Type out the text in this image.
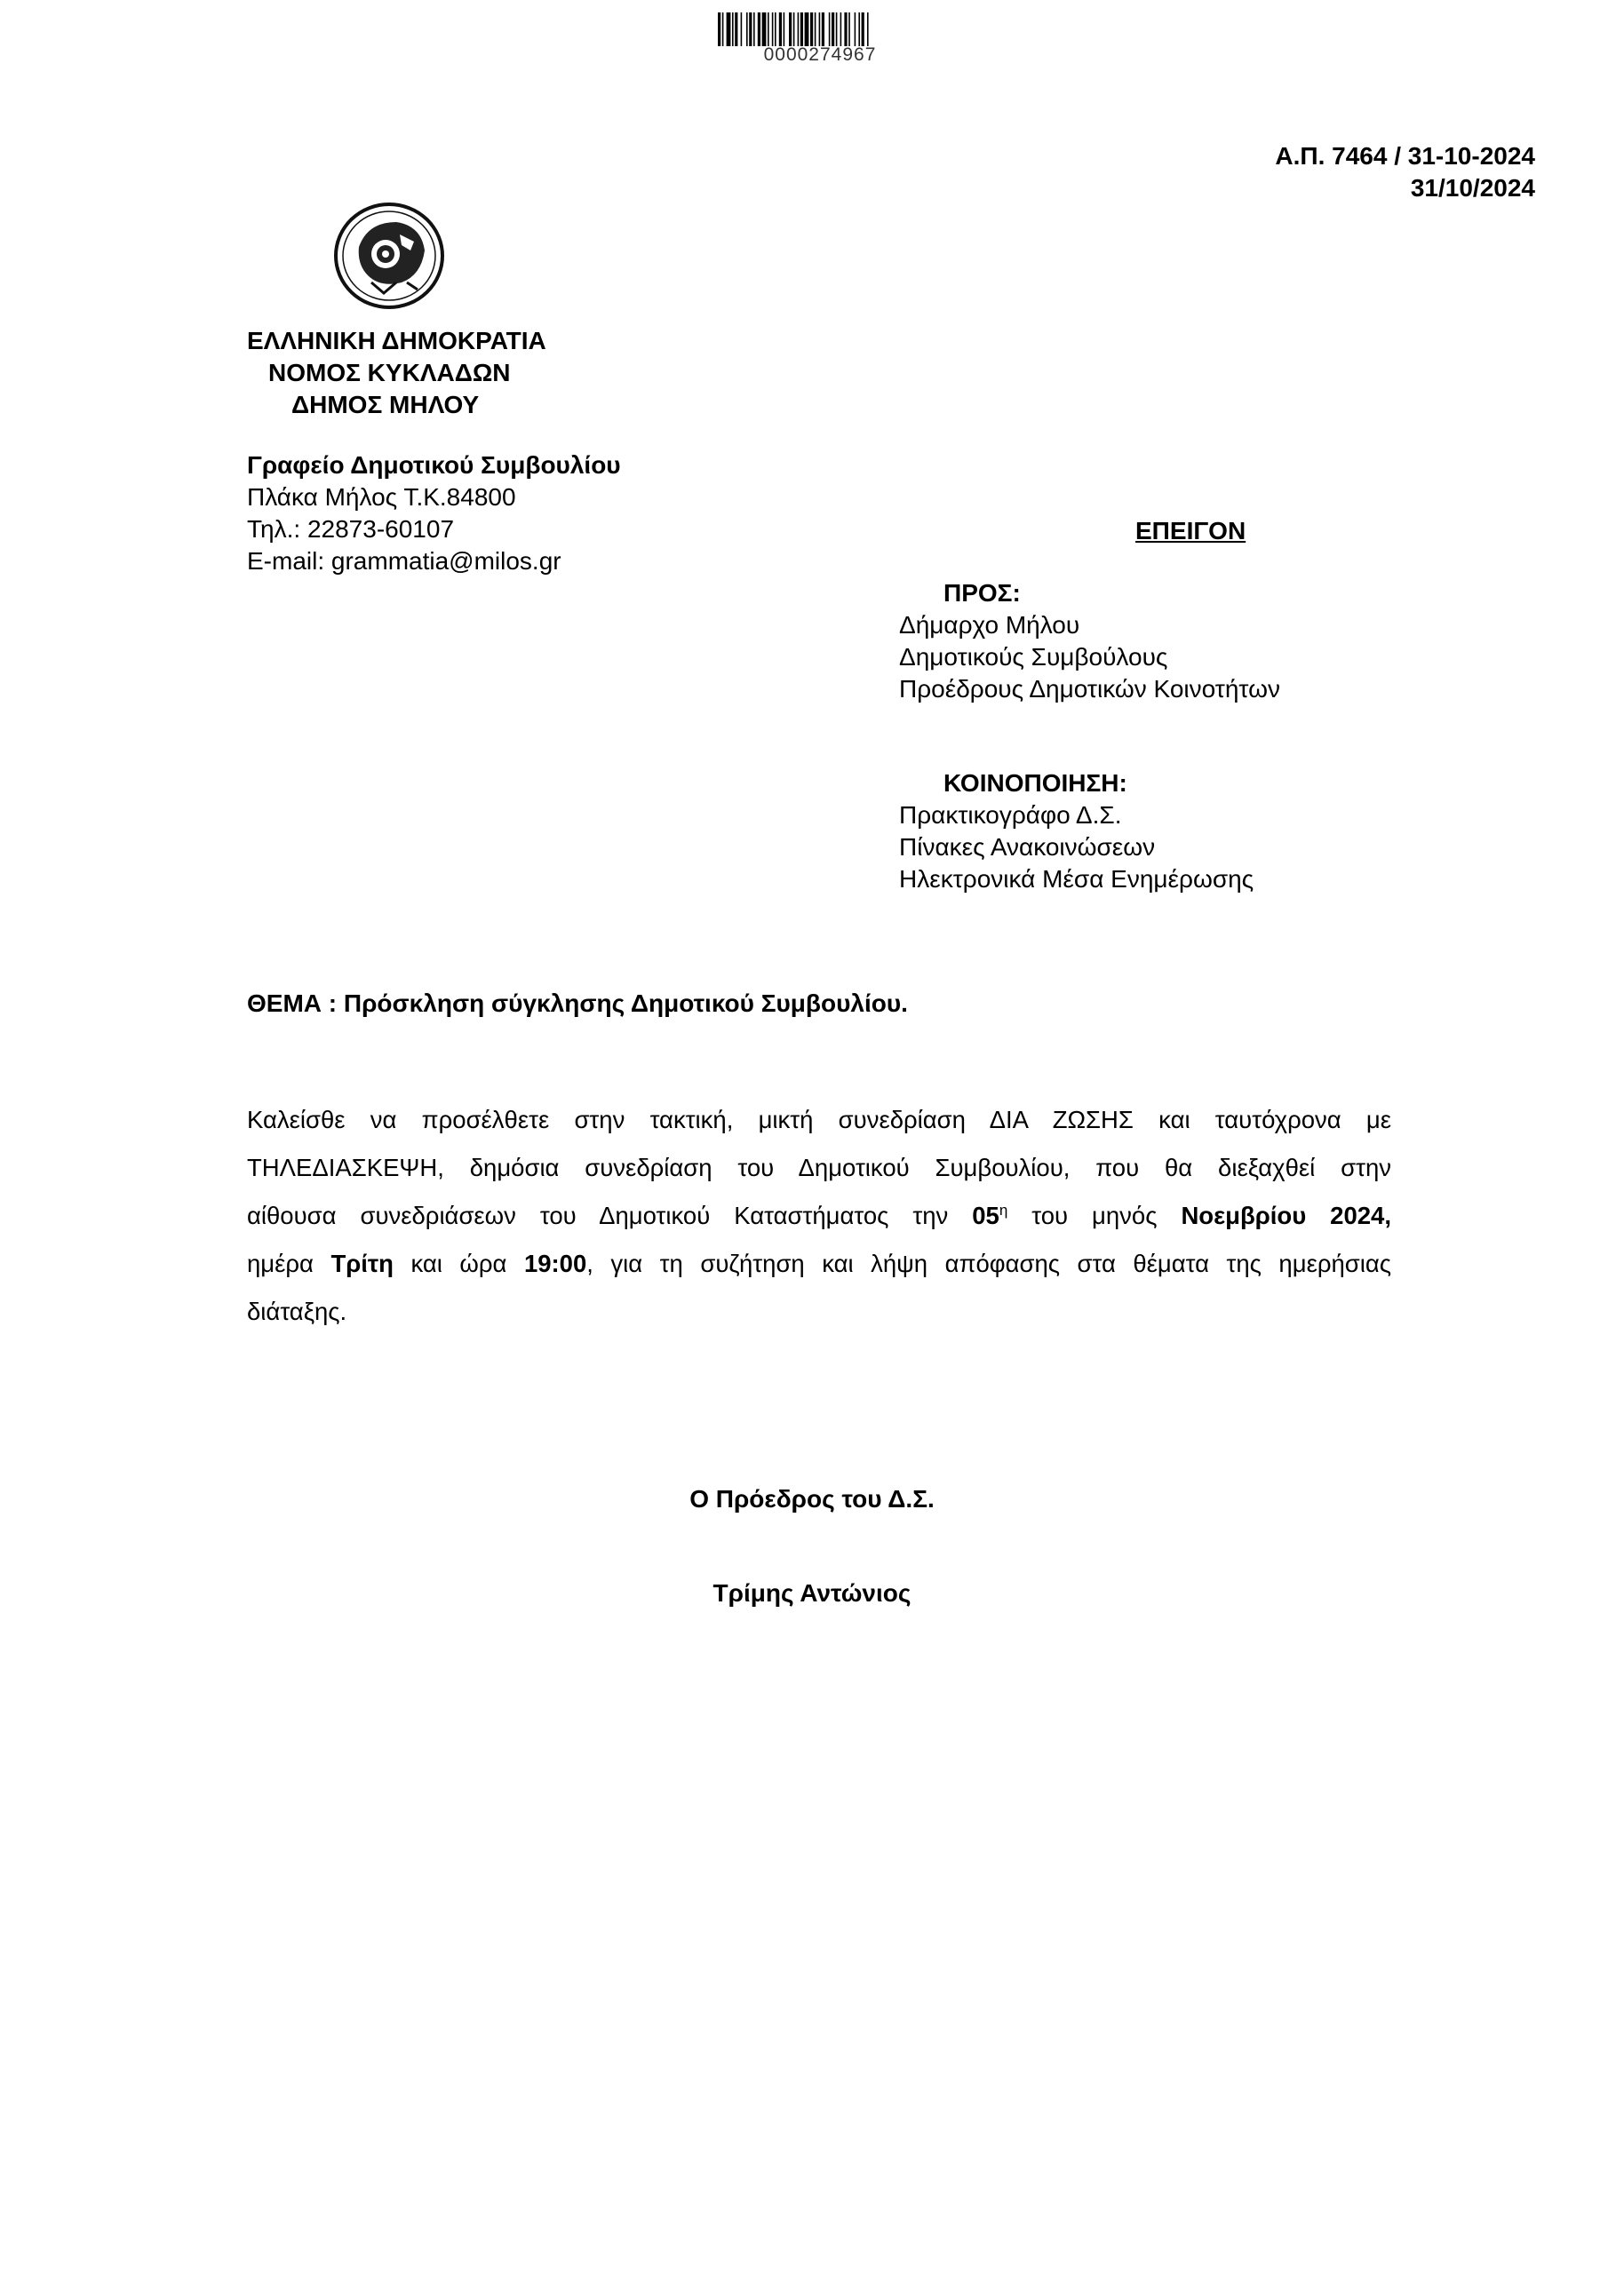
0000274967
Α.Π. 7464 / 31-10-2024
31/10/2024
ΕΛΛΗΝΙΚΗ ΔΗΜΟΚΡΑΤΙΑ
ΝΟΜΟΣ ΚΥΚΛΑΔΩΝ
ΔΗΜΟΣ ΜΗΛΟΥ
Γραφείο Δημοτικού Συμβουλίου
Πλάκα Μήλος Τ.Κ.84800
Τηλ.: 22873-60107
E-mail: grammatia@milos.gr
ΕΠΕΙΓΟΝ
ΠΡΟΣ:
Δήμαρχο Μήλου
Δημοτικούς Συμβούλους
Προέδρους Δημοτικών Κοινοτήτων
ΚΟΙΝΟΠΟΙΗΣΗ:
Πρακτικογράφο Δ.Σ.
Πίνακες Ανακοινώσεων
Ηλεκτρονικά Μέσα Ενημέρωσης
ΘΕΜΑ : Πρόσκληση σύγκλησης Δημοτικού Συμβουλίου.
Καλείσθε να προσέλθετε στην τακτική, μικτή συνεδρίαση ΔΙΑ ΖΩΣΗΣ και ταυτόχρονα με
ΤΗΛΕΔΙΑΣΚΕΨΗ, δημόσια συνεδρίαση του Δημοτικού Συμβουλίου, που θα διεξαχθεί στην
αίθουσα συνεδριάσεων του Δημοτικού Καταστήματος την $05^\eta$ του μηνός Νοεμβρίου 2024,
ημέρα Τρίτη και ώρα 19:00, για τη συζήτηση και λήψη απόφασης στα θέματα της ημερήσιας
διάταξης.
Ο Πρόεδρος του Δ.Σ.
Τρίμης Αντώνιος
